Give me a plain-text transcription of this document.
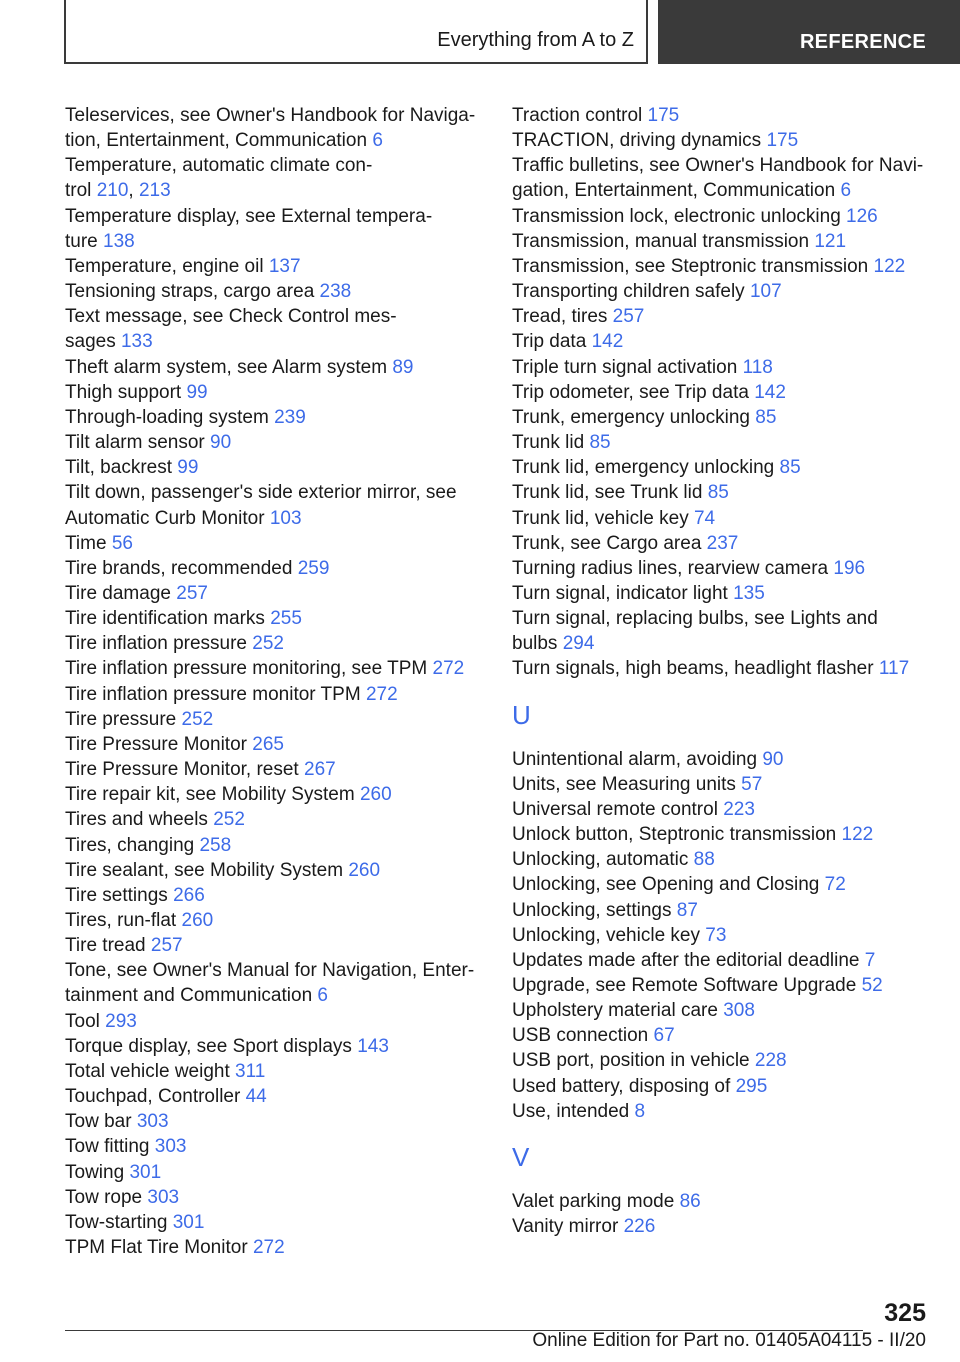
Everything from A to Z	REFERENCE
Teleservices, see Owner's Handbook for Naviga-
tion, Entertainment, Communication 6
Temperature, automatic climate con-
trol 210, 213
Temperature display, see External tempera-
ture 138
Temperature, engine oil 137
Tensioning straps, cargo area 238
Text message, see Check Control mes-
sages 133
Theft alarm system, see Alarm system 89
Thigh support 99
Through-loading system 239
Tilt alarm sensor 90
Tilt, backrest 99
Tilt down, passenger's side exterior mirror, see
Automatic Curb Monitor 103
Time 56
Tire brands, recommended 259
Tire damage 257
Tire identification marks 255
Tire inflation pressure 252
Tire inflation pressure monitoring, see TPM 272
Tire inflation pressure monitor TPM 272
Tire pressure 252
Tire Pressure Monitor 265
Tire Pressure Monitor, reset 267
Tire repair kit, see Mobility System 260
Tires and wheels 252
Tires, changing 258
Tire sealant, see Mobility System 260
Tire settings 266
Tires, run-flat 260
Tire tread 257
Tone, see Owner's Manual for Navigation, Enter-
tainment and Communication 6
Tool 293
Torque display, see Sport displays 143
Total vehicle weight 311
Touchpad, Controller 44
Tow bar 303
Tow fitting 303
Towing 301
Tow rope 303
Tow-starting 301
TPM Flat Tire Monitor 272
Traction control 175
TRACTION, driving dynamics 175
Traffic bulletins, see Owner's Handbook for Navi-
gation, Entertainment, Communication 6
Transmission lock, electronic unlocking 126
Transmission, manual transmission 121
Transmission, see Steptronic transmission 122
Transporting children safely 107
Tread, tires 257
Trip data 142
Triple turn signal activation 118
Trip odometer, see Trip data 142
Trunk, emergency unlocking 85
Trunk lid 85
Trunk lid, emergency unlocking 85
Trunk lid, see Trunk lid 85
Trunk lid, vehicle key 74
Trunk, see Cargo area 237
Turning radius lines, rearview camera 196
Turn signal, indicator light 135
Turn signal, replacing bulbs, see Lights and
bulbs 294
Turn signals, high beams, headlight flasher 117
U
Unintentional alarm, avoiding 90
Units, see Measuring units 57
Universal remote control 223
Unlock button, Steptronic transmission 122
Unlocking, automatic 88
Unlocking, see Opening and Closing 72
Unlocking, settings 87
Unlocking, vehicle key 73
Updates made after the editorial deadline 7
Upgrade, see Remote Software Upgrade 52
Upholstery material care 308
USB connection 67
USB port, position in vehicle 228
Used battery, disposing of 295
Use, intended 8
V
Valet parking mode 86
Vanity mirror 226
325
Online Edition for Part no. 01405A04115 - II/20
